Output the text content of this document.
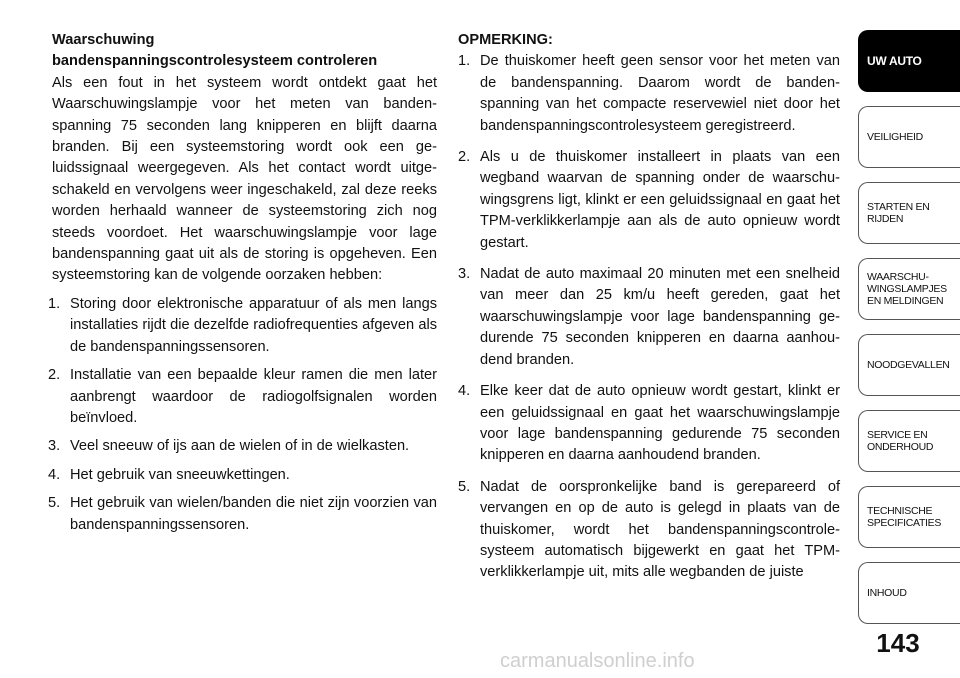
Waarschuwing
bandenspanningscontrolesysteem controleren
Als een fout in het systeem wordt ontdekt gaat het Waarschuwingslampje voor het meten van bandenspanning 75 seconden lang knipperen en blijft daarna branden. Bij een systeemstoring wordt ook een geluidssignaal weergegeven. Als het contact wordt uitgeschakeld en vervolgens weer ingeschakeld, zal deze reeks worden herhaald wanneer de systeemstoring zich nog steeds voordoet. Het waarschuwingslampje voor lage bandenspanning gaat uit als de storing is opgeheven. Een systeemstoring kan de volgende oorzaken hebben:
1. Storing door elektronische apparatuur of als men langs installaties rijdt die dezelfde radiofrequenties afgeven als de bandenspanningssensoren.
2. Installatie van een bepaalde kleur ramen die men later aanbrengt waardoor de radiogolfsignalen worden beïnvloed.
3. Veel sneeuw of ijs aan de wielen of in de wielkasten.
4. Het gebruik van sneeuwkettingen.
5. Het gebruik van wielen/banden die niet zijn voorzien van bandenspanningssensoren.
OPMERKING:
1. De thuiskomer heeft geen sensor voor het meten van de bandenspanning. Daarom wordt de bandenspanning van het compacte reservewiel niet door het bandenspanningscontrolesysteem geregistreerd.
2. Als u de thuiskomer installeert in plaats van een wegband waarvan de spanning onder de waarschuwingsgrens ligt, klinkt er een geluidssignaal en gaat het TPM-verklikkerlampje aan als de auto opnieuw wordt gestart.
3. Nadat de auto maximaal 20 minuten met een snelheid van meer dan 25 km/u heeft gereden, gaat het waarschuwingslampje voor lage bandenspanning gedurende 75 seconden knipperen en daarna aanhoudend branden.
4. Elke keer dat de auto opnieuw wordt gestart, klinkt er een geluidssignaal en gaat het waarschuwingslampje voor lage bandenspanning gedurende 75 seconden knipperen en daarna aanhoudend branden.
5. Nadat de oorspronkelijke band is gerepareerd of vervangen en op de auto is gelegd in plaats van de thuiskomer, wordt het bandenspanningscontrolesysteem automatisch bijgewerkt en gaat het TPM-verklikkerlampje uit, mits alle wegbanden de juiste
UW AUTO
VEILIGHEID
STARTEN EN
RIJDEN
WAARSCHU-
WINGSLAMPJES
EN MELDINGEN
NOODGEVALLEN
SERVICE EN
ONDERHOUD
TECHNISCHE
SPECIFICATIES
INHOUD
143
carmanualsonline.info
